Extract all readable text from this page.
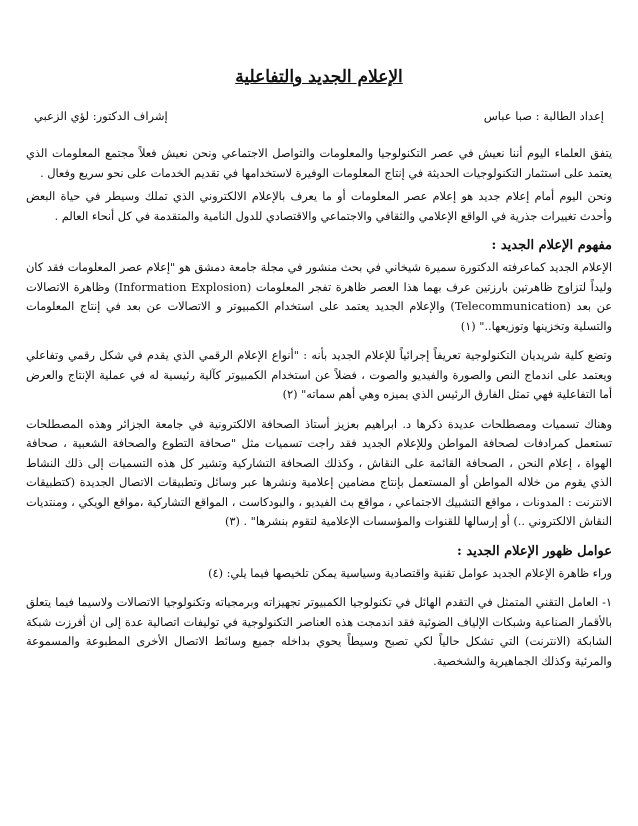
الإعلام الجديد والتفاعلية
إعداد الطالبة : صبا عباس
إشراف الدكتور: لؤي الزعبي

يتفق العلماء اليوم أننا نعيش في عصر التكنولوجيا والمعلومات والتواصل الاجتماعي ونحن نعيش فعلاً مجتمع المعلومات الذي يعتمد على استثمار التكنولوجيات الحديثة في إنتاج المعلومات الوفيرة لاستخدامها في تقديم الخدمات على نحو سريع وفعال .

ونحن اليوم أمام إعلام جديد هو إعلام عصر المعلومات أو ما يعرف بالإعلام الالكتروني الذي تملك وسيطر في حياة البعض وأحدث تغييرات جذرية في الواقع الإعلامي والثقافي والاجتماعي والاقتصادي للدول النامية والمتقدمة في كل أنحاء العالم .

مفهوم الإعلام الجديد :

الإعلام الجديد كماعرفته الدكتورة سميرة شيخاني في بحث منشور في مجلة جامعة دمشق هو "إعلام عصر المعلومات فقد كان وليداً لتزاوج ظاهرتين بارزتين عرف بهما هذا العصر ظاهرة تفجر المعلومات (Information Explosion) وظاهرة الاتصالات عن بعد (Telecommunication) والإعلام الجديد يعتمد على استخدام الكمبيوتر و الاتصالات عن بعد في إنتاج المعلومات والتسلية وتخزينها وتوزيعها.." (١)

وتضع كلية شريديان التكنولوجية تعريفاً إجرائياً للإعلام الجديد بأنه : "أنواع الإعلام الرقمي الذي يقدم في شكل رقمي وتفاعلي ويعتمد على اندماج النص والصورة والفيديو والصوت ، فضلاً عن استخدام الكمبيوتر كآلية رئيسية له في عملية الإنتاج والعرض أما التفاعلية فهي تمثل الفارق الرئيس الذي يميزه وهي أهم سماته" (٢)

وهناك تسميات ومصطلحات عديدة ذكرها د. ابراهيم بعزيز أستاذ الصحافة الالكترونية في جامعة الجزائر وهذه المصطلحات تستعمل كمرادفات لصحافة المواطن وللإعلام الجديد فقد راجت تسميات مثل "صحافة التطوع والصحافة الشعبية ، صحافة الهواة ، إعلام النحن ، الصحافة القائمة على النقاش ، وكذلك الصحافة التشاركية وتشير كل هذه التسميات إلى ذلك النشاط الذي يقوم من خلاله المواطن أو المستعمل بإنتاج مضامين إعلامية ونشرها عبر وسائل وتطبيقات الاتصال الجديدة (كتطبيقات الانترنت : المدونات ، مواقع التشبيك الاجتماعي ، مواقع بث الفيديو ، والبودكاست ، المواقع التشاركية ،مواقع الويكي ، ومنتديات النقاش الالكتروني ..) أو إرسالها للقنوات والمؤسسات الإعلامية لتقوم بنشرها" . (٣)

عوامل ظهور الإعلام الجديد :

وراء ظاهرة الإعلام الجديد عوامل تقنية واقتصادية وسياسية يمكن تلخيصها فيما يلي: (٤)

١- العامل التقني المتمثل في التقدم الهائل في تكنولوجيا الكمبيوتر تجهيزاته وبرمجياته وتكنولوجيا الاتصالات ولاسيما فيما يتعلق بالأقمار الصناعية وشبكات الإلياف الضوئية فقد اندمجت هذه العناصر التكنولوجية في توليفات اتصالية عدة إلى ان أفرزت شبكة الشابكة (الانترنت) التي تشكل حالياً لكي تصبح وسيطاً يحوي بداخله جميع وسائط الاتصال الأخرى المطبوعة والمسموعة والمرئية وكذلك الجماهيرية والشخصية.
